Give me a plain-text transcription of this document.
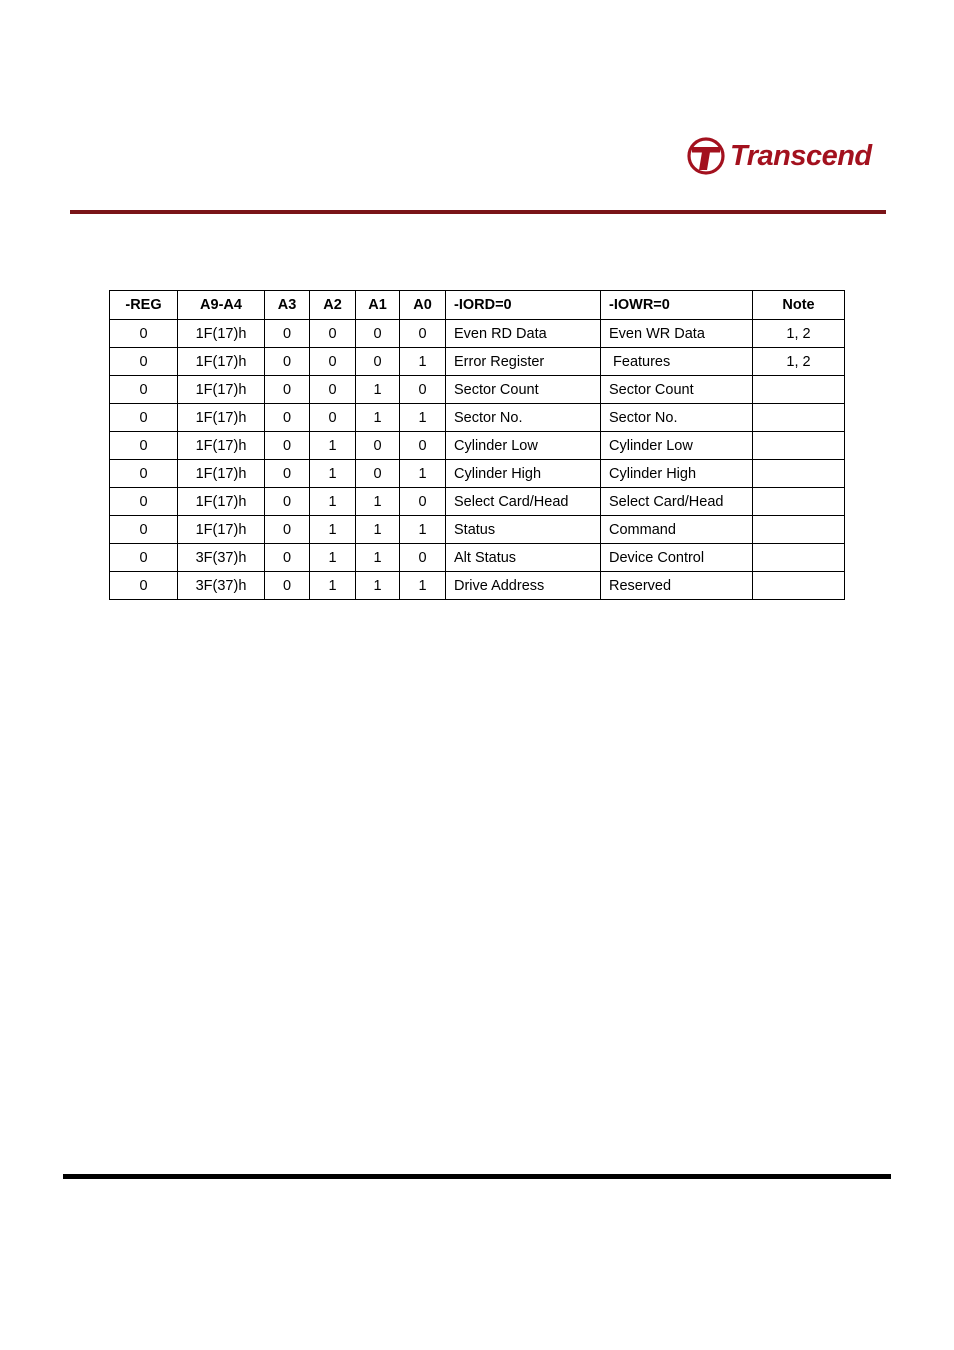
Transcend
-REG	A9-A4	A3	A2	A1	A0	-IORD=0	-IOWR=0	Note
0	1F(17)h	0	0	0	0	Even RD Data	Even WR Data	1, 2
0	1F(17)h	0	0	0	1	Error Register	Features	1, 2
0	1F(17)h	0	0	1	0	Sector Count	Sector Count	
0	1F(17)h	0	0	1	1	Sector No.	Sector No.	
0	1F(17)h	0	1	0	0	Cylinder Low	Cylinder Low	
0	1F(17)h	0	1	0	1	Cylinder High	Cylinder High	
0	1F(17)h	0	1	1	0	Select Card/Head	Select Card/Head	
0	1F(17)h	0	1	1	1	Status	Command	
0	3F(37)h	0	1	1	0	Alt Status	Device Control	
0	3F(37)h	0	1	1	1	Drive Address	Reserved	
